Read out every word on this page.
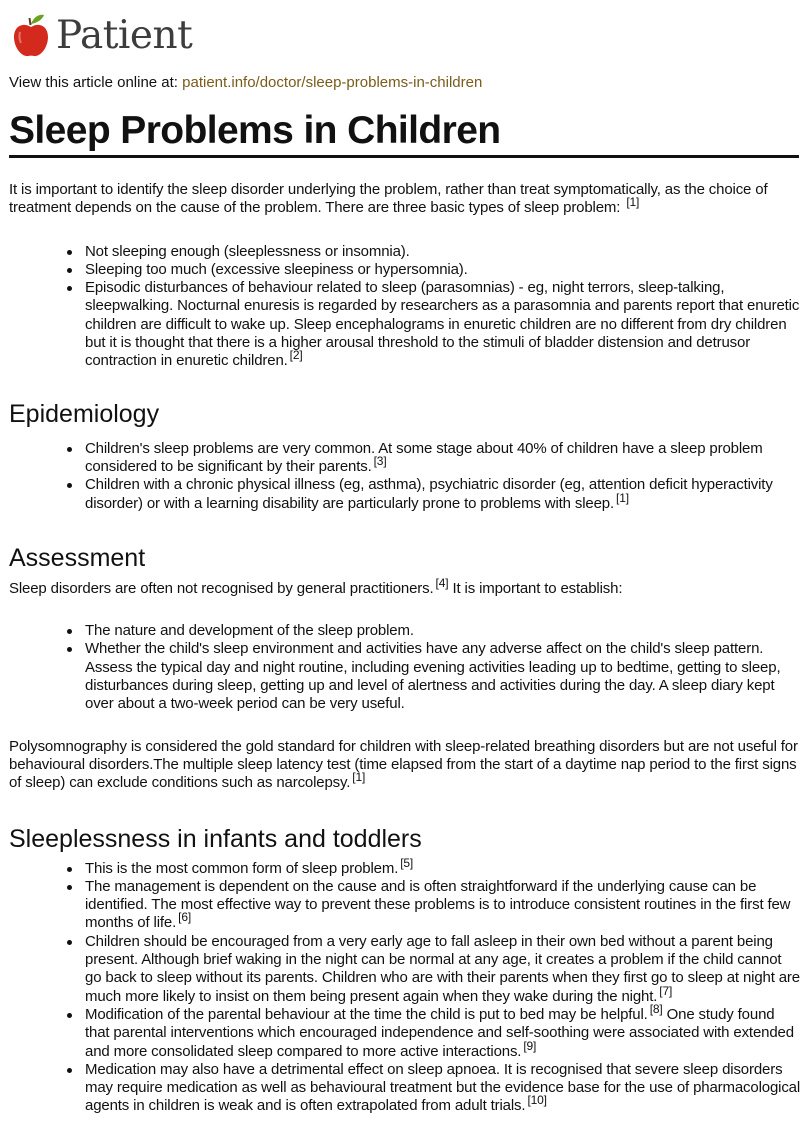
Patient
View this article online at: patient.info/doctor/sleep-problems-in-children
Sleep Problems in Children

It is important to identify the sleep disorder underlying the problem, rather than treat symptomatically, as the choice of treatment depends on the cause of the problem. There are three basic types of sleep problem: [1]

Not sleeping enough (sleeplessness or insomnia).
Sleeping too much (excessive sleepiness or hypersomnia).
Episodic disturbances of behaviour related to sleep (parasomnias) - eg, night terrors, sleep-talking, sleepwalking. Nocturnal enuresis is regarded by researchers as a parasomnia and parents report that enuretic children are difficult to wake up. Sleep encephalograms in enuretic children are no different from dry children but it is thought that there is a higher arousal threshold to the stimuli of bladder distension and detrusor contraction in enuretic children. [2]
Epidemiology
Children's sleep problems are very common. At some stage about 40% of children have a sleep problem considered to be significant by their parents. [3]
Children with a chronic physical illness (eg, asthma), psychiatric disorder (eg, attention deficit hyperactivity disorder) or with a learning disability are particularly prone to problems with sleep. [1]
Assessment

Sleep disorders are often not recognised by general practitioners. [4] It is important to establish:

The nature and development of the sleep problem.
Whether the child's sleep environment and activities have any adverse affect on the child's sleep pattern. Assess the typical day and night routine, including evening activities leading up to bedtime, getting to sleep, disturbances during sleep, getting up and level of alertness and activities during the day. A sleep diary kept over about a two-week period can be very useful.

Polysomnography is considered the gold standard for children with sleep-related breathing disorders but are not useful for behavioural disorders.The multiple sleep latency test (time elapsed from the start of a daytime nap period to the first signs of sleep) can exclude conditions such as narcolepsy. [1]

Sleeplessness in infants and toddlers
This is the most common form of sleep problem. [5]
The management is dependent on the cause and is often straightforward if the underlying cause can be identified. The most effective way to prevent these problems is to introduce consistent routines in the first few months of life. [6]
Children should be encouraged from a very early age to fall asleep in their own bed without a parent being present. Although brief waking in the night can be normal at any age, it creates a problem if the child cannot go back to sleep without its parents. Children who are with their parents when they first go to sleep at night are much more likely to insist on them being present again when they wake during the night. [7]
Modification of the parental behaviour at the time the child is put to bed may be helpful. [8] One study found that parental interventions which encouraged independence and self-soothing were associated with extended and more consolidated sleep compared to more active interactions. [9]
Medication may also have a detrimental effect on sleep apnoea. It is recognised that severe sleep disorders may require medication as well as behavioural treatment but the evidence base for the use of pharmacological agents in children is weak and is often extrapolated from adult trials. [10]
